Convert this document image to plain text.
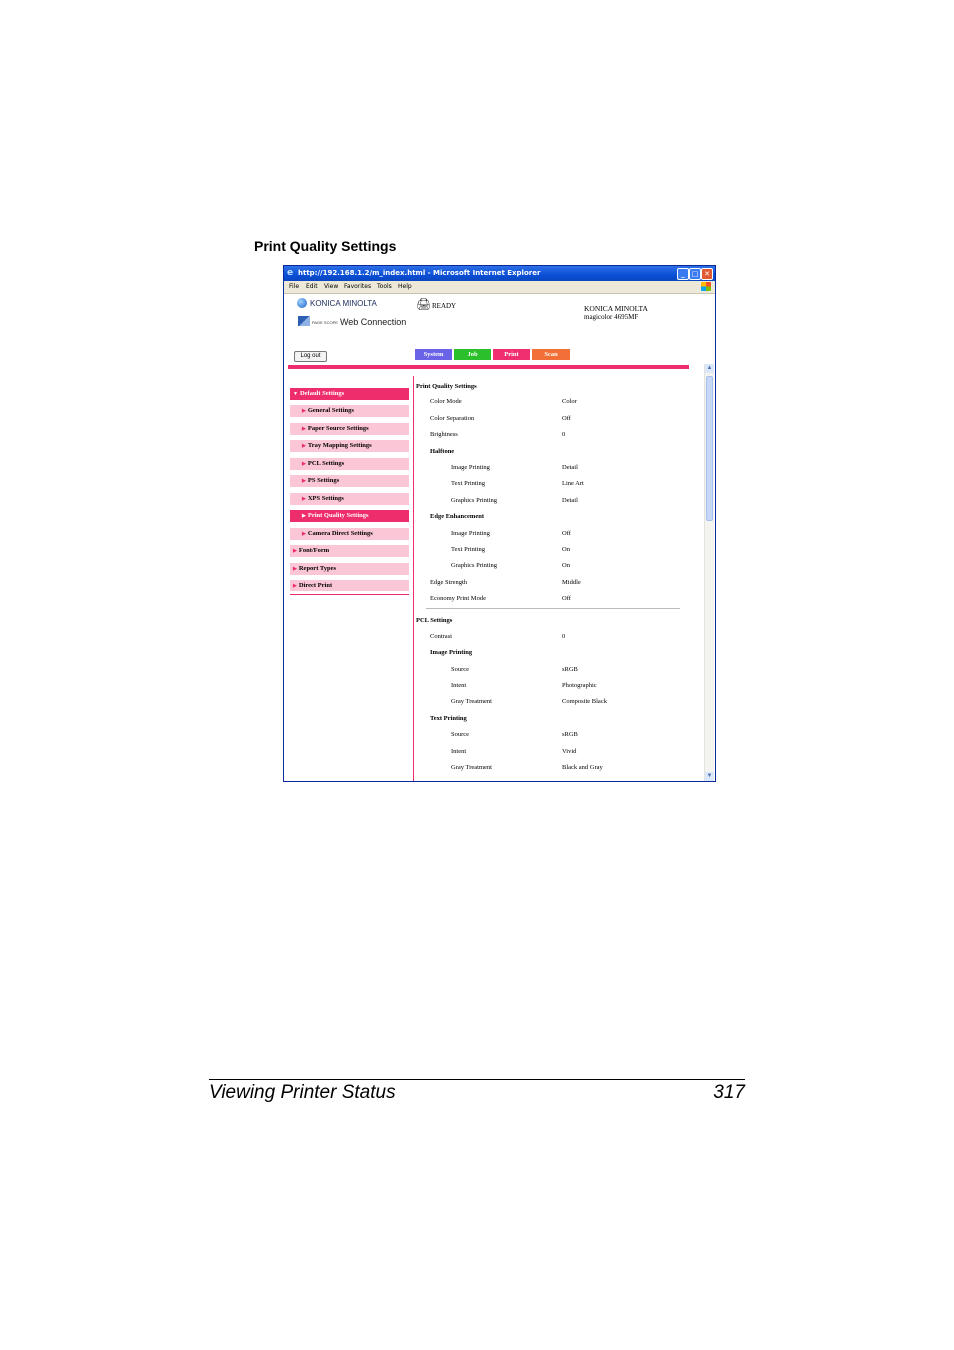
Print Quality Settings
e http://192.168.1.2/m_index.html - Microsoft Internet Explorer	_ □ ✕
File Edit View Favorites Tools Help
KONICA MINOLTA
PAGE SCOPE Web Connection
🖨 READY	KONICA MINOLTA
magicolor 4695MF
Log out	System	Job	Print	Scan
▼ Default Settings
▶ General Settings
▶ Paper Source Settings
▶ Tray Mapping Settings
▶ PCL Settings
▶ PS Settings
▶ XPS Settings
▶ Print Quality Settings
▶ Camera Direct Settings
▶ Font/Form
▶ Report Types
▶ Direct Print
Print Quality Settings
Color Mode	Color
Color Separation	Off
Brightness	0
Halftone
Image Printing	Detail
Text Printing	Line Art
Graphics Printing	Detail
Edge Enhancement
Image Printing	Off
Text Printing	On
Graphics Printing	On
Edge Strength	Middle
Economy Print Mode	Off
PCL Settings
Contrast	0
Image Printing
Source	sRGB
Intent	Photographic
Gray Treatment	Composite Black
Text Printing
Source	sRGB
Intent	Vivid
Gray Treatment	Black and Gray
▲
▼
Viewing Printer Status	317
